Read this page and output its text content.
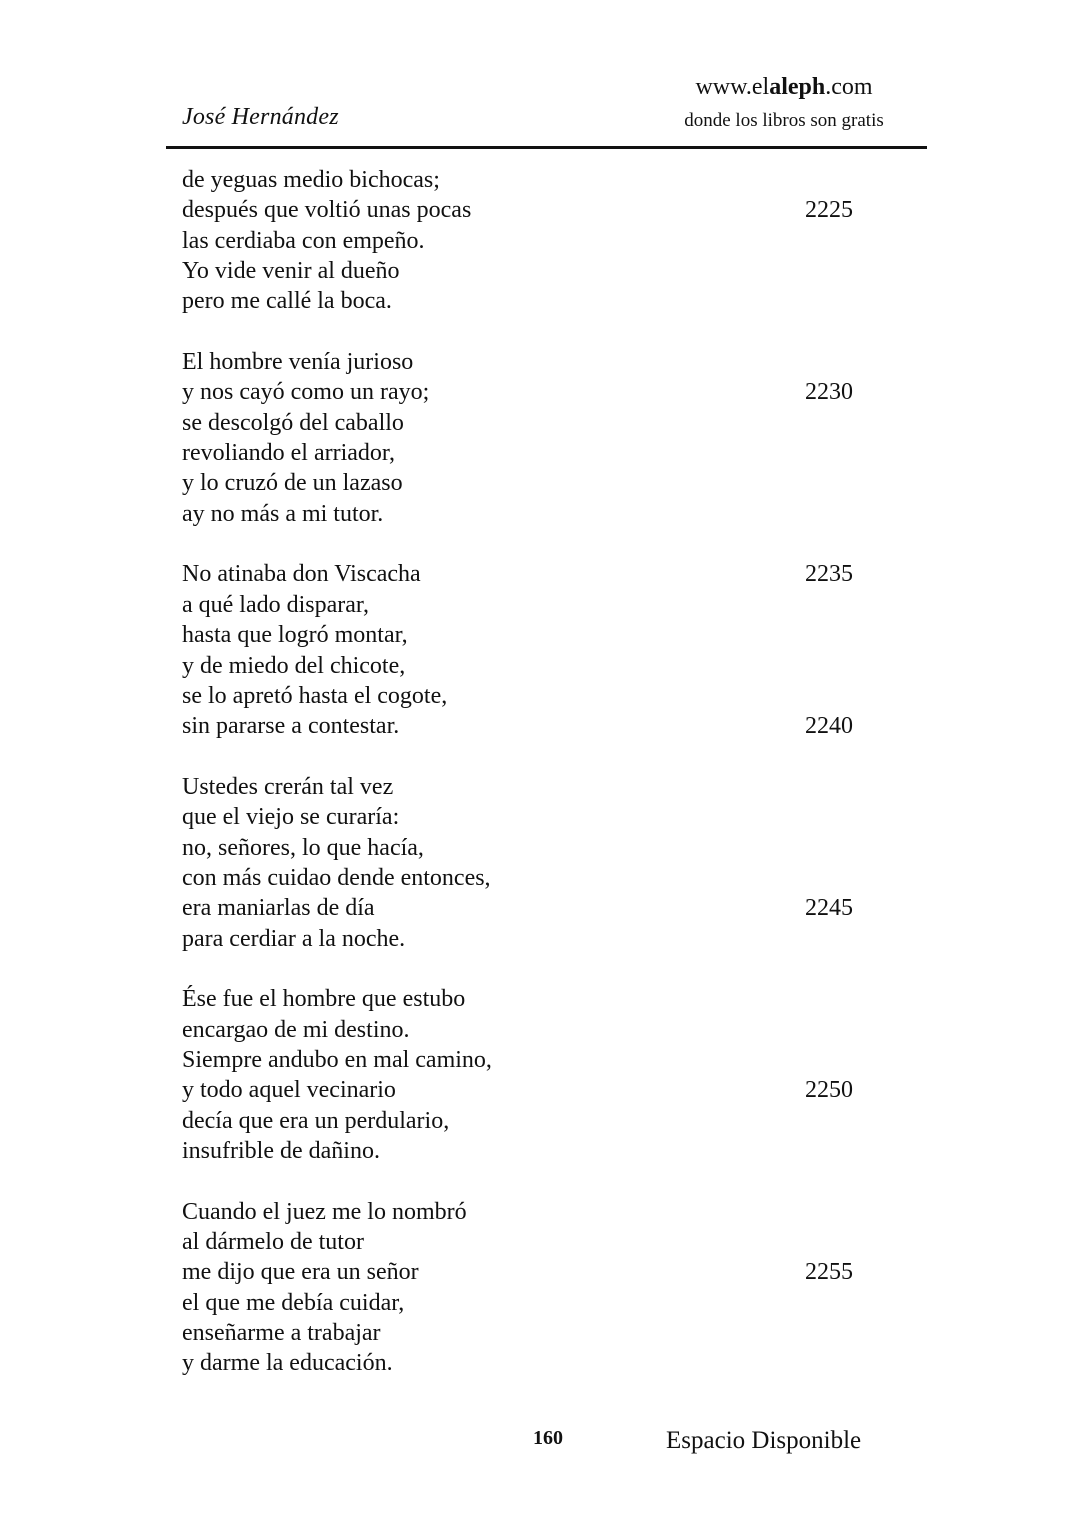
José Hernández
www.elaleph.com
donde los libros son gratis
de yeguas medio bichocas;
después que voltió unas pocas	2225
las cerdiaba con empeño.
Yo vide venir al dueño
pero me callé la boca.
El hombre venía jurioso
y nos cayó como un rayo;	2230
se descolgó del caballo
revoliando el arriador,
y lo cruzó de un lazaso
ay no más a mi tutor.
No atinaba don Viscacha	2235
a qué lado disparar,
hasta que logró montar,
y de miedo del chicote,
se lo apretó hasta el cogote,
sin pararse a contestar.	2240
Ustedes crerán tal vez
que el viejo se curaría:
no, señores, lo que hacía,
con más cuidao dende entonces,
era maniarlas de día	2245
para cerdiar a la noche.
Ése fue el hombre que estubo
encargao de mi destino.
Siempre andubo en mal camino,
y todo aquel vecinario	2250
decía que era un perdulario,
insufrible de dañino.
Cuando el juez me lo nombró
al dármelo de tutor
me dijo que era un señor	2255
el que me debía cuidar,
enseñarme a trabajar
y darme la educación.
160	Espacio Disponible
